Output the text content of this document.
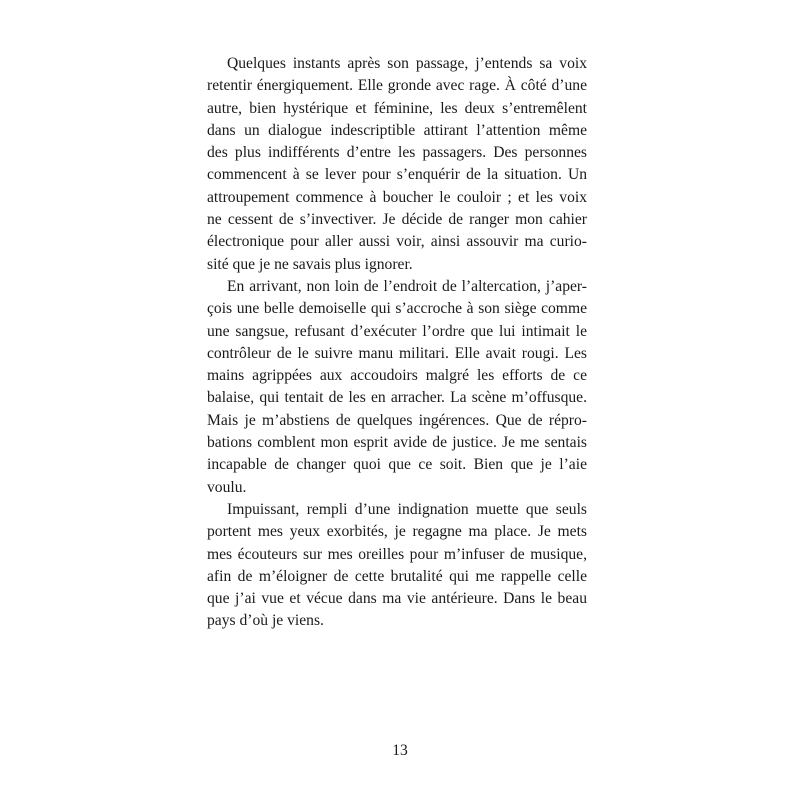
Quelques instants après son passage, j’entends sa voix
retentir énergiquement. Elle gronde avec rage. À côté d’une
autre, bien hystérique et féminine, les deux s’entremêlent
dans un dialogue indescriptible attirant l’attention même
des plus indifférents d’entre les passagers. Des personnes
commencent à se lever pour s’enquérir de la situation. Un
attroupement commence à boucher le couloir ; et les voix
ne cessent de s’invectiver. Je décide de ranger mon cahier
électronique pour aller aussi voir, ainsi assouvir ma curio-
sité que je ne savais plus ignorer.
En arrivant, non loin de l’endroit de l’altercation, j’aper-
çois une belle demoiselle qui s’accroche à son siège comme
une sangsue, refusant d’exécuter l’ordre que lui intimait le
contrôleur de le suivre manu militari. Elle avait rougi. Les
mains agrippées aux accoudoirs malgré les efforts de ce
balaise, qui tentait de les en arracher. La scène m’offusque.
Mais je m’abstiens de quelques ingérences. Que de répro-
bations comblent mon esprit avide de justice. Je me sentais
incapable de changer quoi que ce soit. Bien que je l’aie
voulu.
Impuissant, rempli d’une indignation muette que seuls
portent mes yeux exorbités, je regagne ma place. Je mets
mes écouteurs sur mes oreilles pour m’infuser de musique,
afin de m’éloigner de cette brutalité qui me rappelle celle
que j’ai vue et vécue dans ma vie antérieure. Dans le beau
pays d’où je viens.
13
